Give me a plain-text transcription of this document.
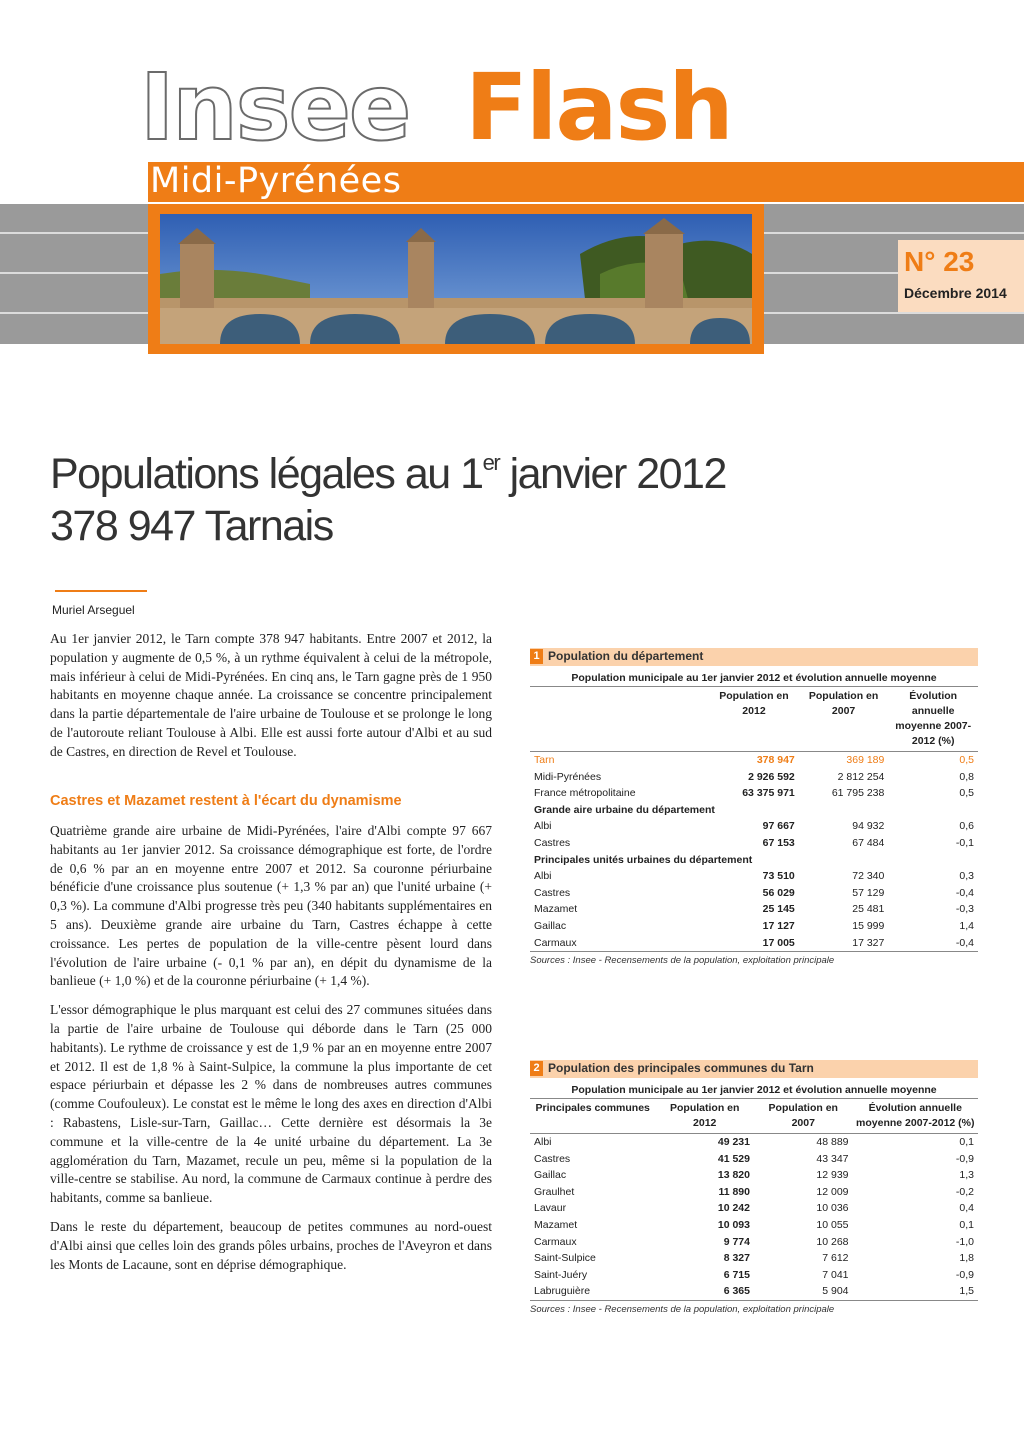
Insee Flash
Midi-Pyrénées
N° 23
Décembre 2014
Populations légales au 1er janvier 2012
378 947 Tarnais
Muriel Arseguel

Au 1er janvier 2012, le Tarn compte 378 947 habitants. Entre 2007 et 2012, la population y augmente de 0,5 %, à un rythme équivalent à celui de la métropole, mais inférieur à celui de Midi-Pyrénées. En cinq ans, le Tarn gagne près de 1 950 habitants en moyenne chaque année. La croissance se concentre principalement dans la partie départementale de l'aire urbaine de Toulouse et se prolonge le long de l'autoroute reliant Toulouse à Albi. Elle est aussi forte autour d'Albi et au sud de Castres, en direction de Revel et Toulouse.

Castres et Mazamet restent à l'écart du dynamisme

Quatrième grande aire urbaine de Midi-Pyrénées, l'aire d'Albi compte 97 667 habitants au 1er janvier 2012. Sa croissance démographique est forte, de l'ordre de 0,6 % par an en moyenne entre 2007 et 2012. Sa couronne périurbaine bénéficie d'une croissance plus soutenue (+ 1,3 % par an) que l'unité urbaine (+ 0,3 %). La commune d'Albi progresse très peu (340 habitants supplémentaires en 5 ans). Deuxième grande aire urbaine du Tarn, Castres échappe à cette croissance. Les pertes de population de la ville-centre pèsent lourd dans l'évolution de l'aire urbaine (- 0,1 % par an), en dépit du dynamisme de la banlieue (+ 1,0 %) et de la couronne périurbaine (+ 1,4 %).

L'essor démographique le plus marquant est celui des 27 communes situées dans la partie de l'aire urbaine de Toulouse qui déborde dans le Tarn (25 000 habitants). Le rythme de croissance y est de 1,9 % par an en moyenne entre 2007 et 2012. Il est de 1,8 % à Saint-Sulpice, la commune la plus importante de cet espace périurbain et dépasse les 2 % dans de nombreuses autres communes (comme Coufouleux). Le constat est le même le long des axes en direction d'Albi : Rabastens, Lisle-sur-Tarn, Gaillac… Cette dernière est désormais la 3e commune et la ville-centre de la 4e unité urbaine du département. La 3e agglomération du Tarn, Mazamet, recule un peu, même si la population de la ville-centre se stabilise. Au nord, la commune de Carmaux continue à perdre des habitants, comme sa banlieue.

Dans le reste du département, beaucoup de petites communes au nord-ouest d'Albi ainsi que celles loin des grands pôles urbains, proches de l'Aveyron et dans les Monts de Lacaune, sont en déprise démographique.

1 Population du département
Population municipale au 1er janvier 2012 et évolution annuelle moyenne
	Population en 2012	Population en 2007	Évolution annuelle moyenne 2007-2012 (%)
Tarn	378 947	369 189	0,5
Midi-Pyrénées	2 926 592	2 812 254	0,8
France métropolitaine	63 375 971	61 795 238	0,5
Grande aire urbaine du département			
Albi	97 667	94 932	0,6
Castres	67 153	67 484	-0,1
Principales unités urbaines du département			
Albi	73 510	72 340	0,3
Castres	56 029	57 129	-0,4
Mazamet	25 145	25 481	-0,3
Gaillac	17 127	15 999	1,4
Carmaux	17 005	17 327	-0,4
Sources : Insee - Recensements de la population, exploitation principale
2 Population des principales communes du Tarn
Population municipale au 1er janvier 2012 et évolution annuelle moyenne
Principales communes	Population en 2012	Population en 2007	Évolution annuelle moyenne 2007-2012 (%)
Albi	49 231	48 889	0,1
Castres	41 529	43 347	-0,9
Gaillac	13 820	12 939	1,3
Graulhet	11 890	12 009	-0,2
Lavaur	10 242	10 036	0,4
Mazamet	10 093	10 055	0,1
Carmaux	9 774	10 268	-1,0
Saint-Sulpice	8 327	7 612	1,8
Saint-Juéry	6 715	7 041	-0,9
Labruguière	6 365	5 904	1,5
Sources : Insee - Recensements de la population, exploitation principale
